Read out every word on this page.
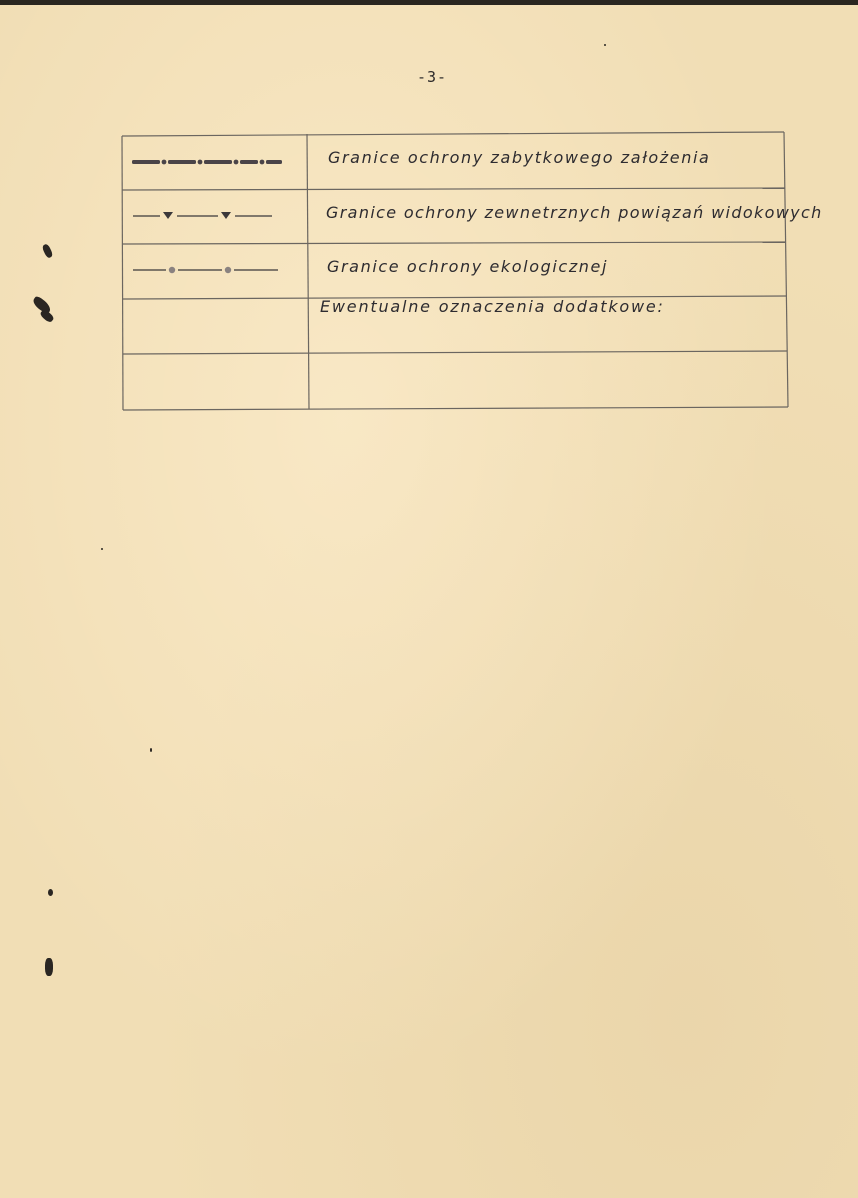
-3-
Granice ochrony zabytkowego założenia
Granice ochrony zewnetrznych powiązań widokowych
Granice ochrony ekologicznej
Ewentualne oznaczenia dodatkowe:
